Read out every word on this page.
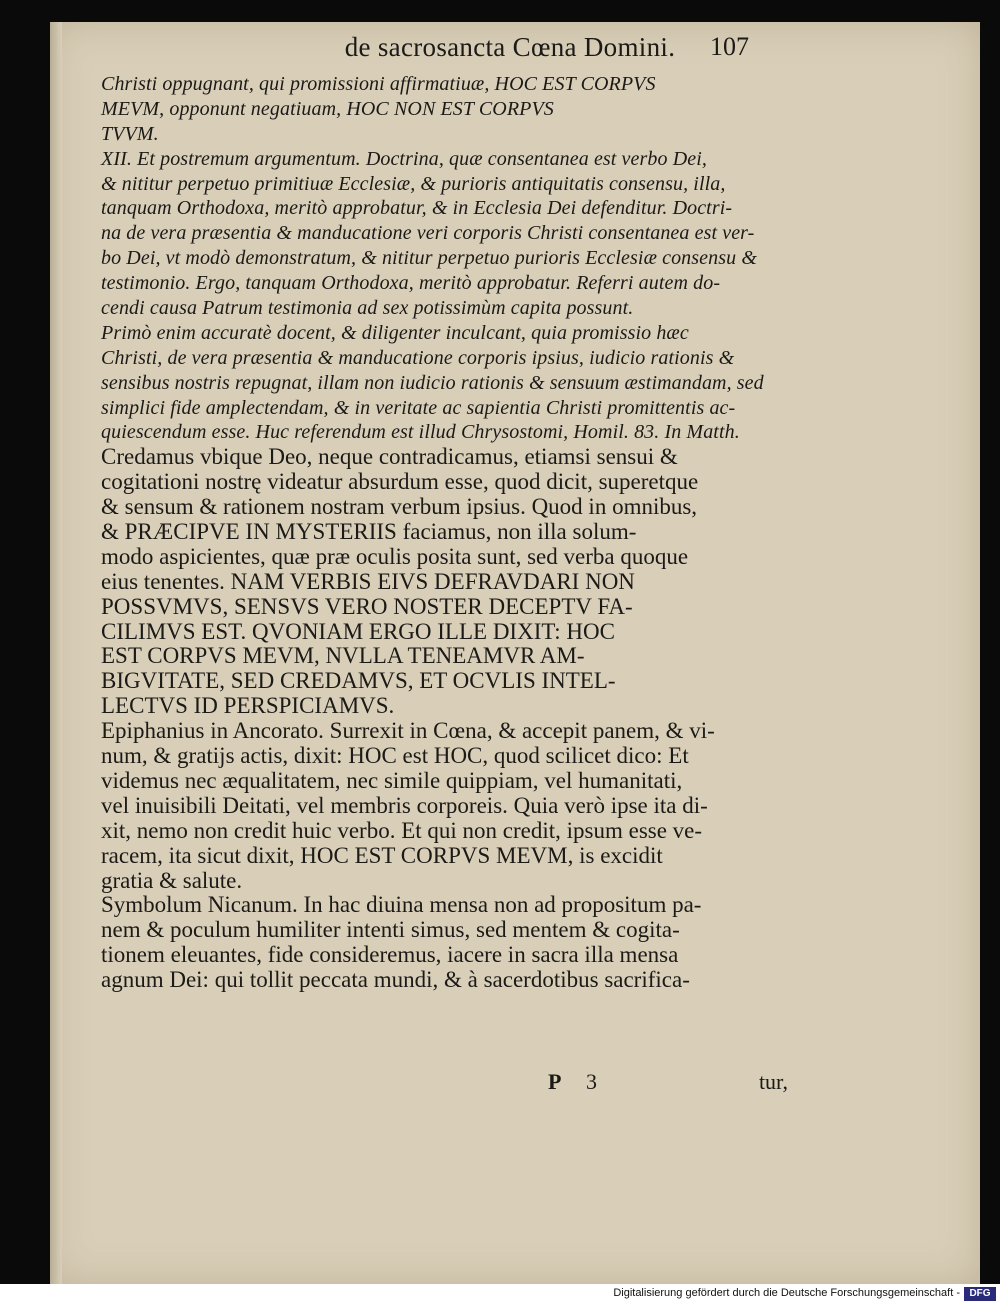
de sacrosancta Cœna Domini.	107
Christi oppugnant, qui promissioni affirmatiuæ, HOC EST CORPVS
MEVM, opponunt negatiuam, HOC NON EST CORPVS
TVVM.
XII. Et postremum argumentum. Doctrina, quæ consentanea est verbo Dei,
& nititur perpetuo primitiuæ Ecclesiæ, & purioris antiquitatis consensu, illa,
tanquam Orthodoxa, meritò approbatur, & in Ecclesia Dei defenditur. Doctri-
na de vera præsentia & manducatione veri corporis Christi consentanea est ver-
bo Dei, vt modò demonstratum, & nititur perpetuo purioris Ecclesiæ consensu &
testimonio. Ergo, tanquam Orthodoxa, meritò approbatur. Referri autem do-
cendi causa Patrum testimonia ad sex potissimùm capita possunt.
Primò enim accuratè docent, & diligenter inculcant, quia promissio hæc
Christi, de vera præsentia & manducatione corporis ipsius, iudicio rationis &
sensibus nostris repugnat, illam non iudicio rationis & sensuum æstimandam, sed
simplici fide amplectendam, & in veritate ac sapientia Christi promittentis ac-
quiescendum esse. Huc referendum est illud Chrysostomi, Homil. 83. In Matth.
Credamus vbique Deo, neque contradicamus, etiamsi sensui &
cogitationi nostrę videatur absurdum esse, quod dicit, superetque
& sensum & rationem nostram verbum ipsius. Quod in omnibus,
& PRÆCIPVE IN MYSTERIIS faciamus, non illa solum-
modo aspicientes, quæ præ oculis posita sunt, sed verba quoque
eius tenentes. NAM VERBIS EIVS DEFRAVDARI NON
POSSVMVS, SENSVS VERO NOSTER DECEPTV FA-
CILIMVS EST. QVONIAM ERGO ILLE DIXIT: HOC
EST CORPVS MEVM, NVLLA TENEAMVR AM-
BIGVITATE, SED CREDAMVS, ET OCVLIS INTEL-
LECTVS ID PERSPICIAMVS.
Epiphanius in Ancorato. Surrexit in Cœna, & accepit panem, & vi-
num, & gratijs actis, dixit: HOC est HOC, quod scilicet dico: Et
videmus nec æqualitatem, nec simile quippiam, vel humanitati,
vel inuisibili Deitati, vel membris corporeis. Quia verò ipse ita di-
xit, nemo non credit huic verbo. Et qui non credit, ipsum esse ve-
racem, ita sicut dixit, HOC EST CORPVS MEVM, is excidit
gratia & salute.
Symbolum Nicanum. In hac diuina mensa non ad propositum pa-
nem & poculum humiliter intenti simus, sed mentem & cogita-
tionem eleuantes, fide consideremus, iacere in sacra illa mensa
agnum Dei: qui tollit peccata mundi, & à sacerdotibus sacrifica-
P 3	tur,
Digitalisierung gefördert durch die Deutsche Forschungsgemeinschaft - DFG
